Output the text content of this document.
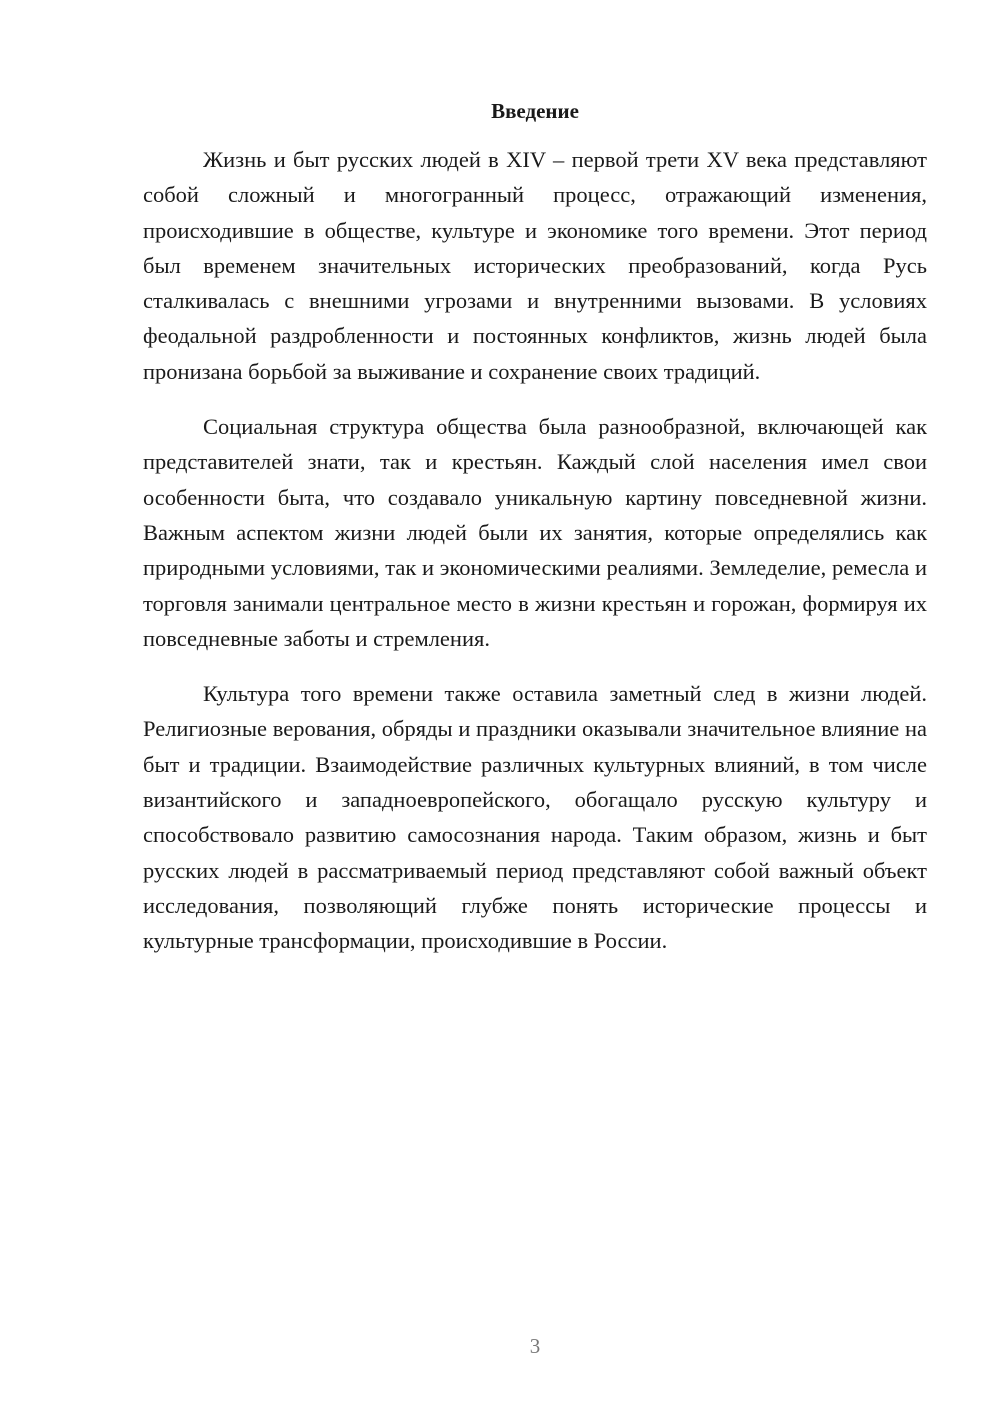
Введение

Жизнь и быт русских людей в XIV – первой трети XV века представляют собой сложный и многогранный процесс, отражающий изменения, происходившие в обществе, культуре и экономике того времени. Этот период был временем значительных исторических преобразований, когда Русь сталкивалась с внешними угрозами и внутренними вызовами. В условиях феодальной раздробленности и постоянных конфликтов, жизнь людей была пронизана борьбой за выживание и сохранение своих традиций.

Социальная структура общества была разнообразной, включающей как представителей знати, так и крестьян. Каждый слой населения имел свои особенности быта, что создавало уникальную картину повседневной жизни. Важным аспектом жизни людей были их занятия, которые определялись как природными условиями, так и экономическими реалиями. Земледелие, ремесла и торговля занимали центральное место в жизни крестьян и горожан, формируя их повседневные заботы и стремления.

Культура того времени также оставила заметный след в жизни людей. Религиозные верования, обряды и праздники оказывали значительное влияние на быт и традиции. Взаимодействие различных культурных влияний, в том числе византийского и западноевропейского, обогащало русскую культуру и способствовало развитию самосознания народа. Таким образом, жизнь и быт русских людей в рассматриваемый период представляют собой важный объект исследования, позволяющий глубже понять исторические процессы и культурные трансформации, происходившие в России.

3
